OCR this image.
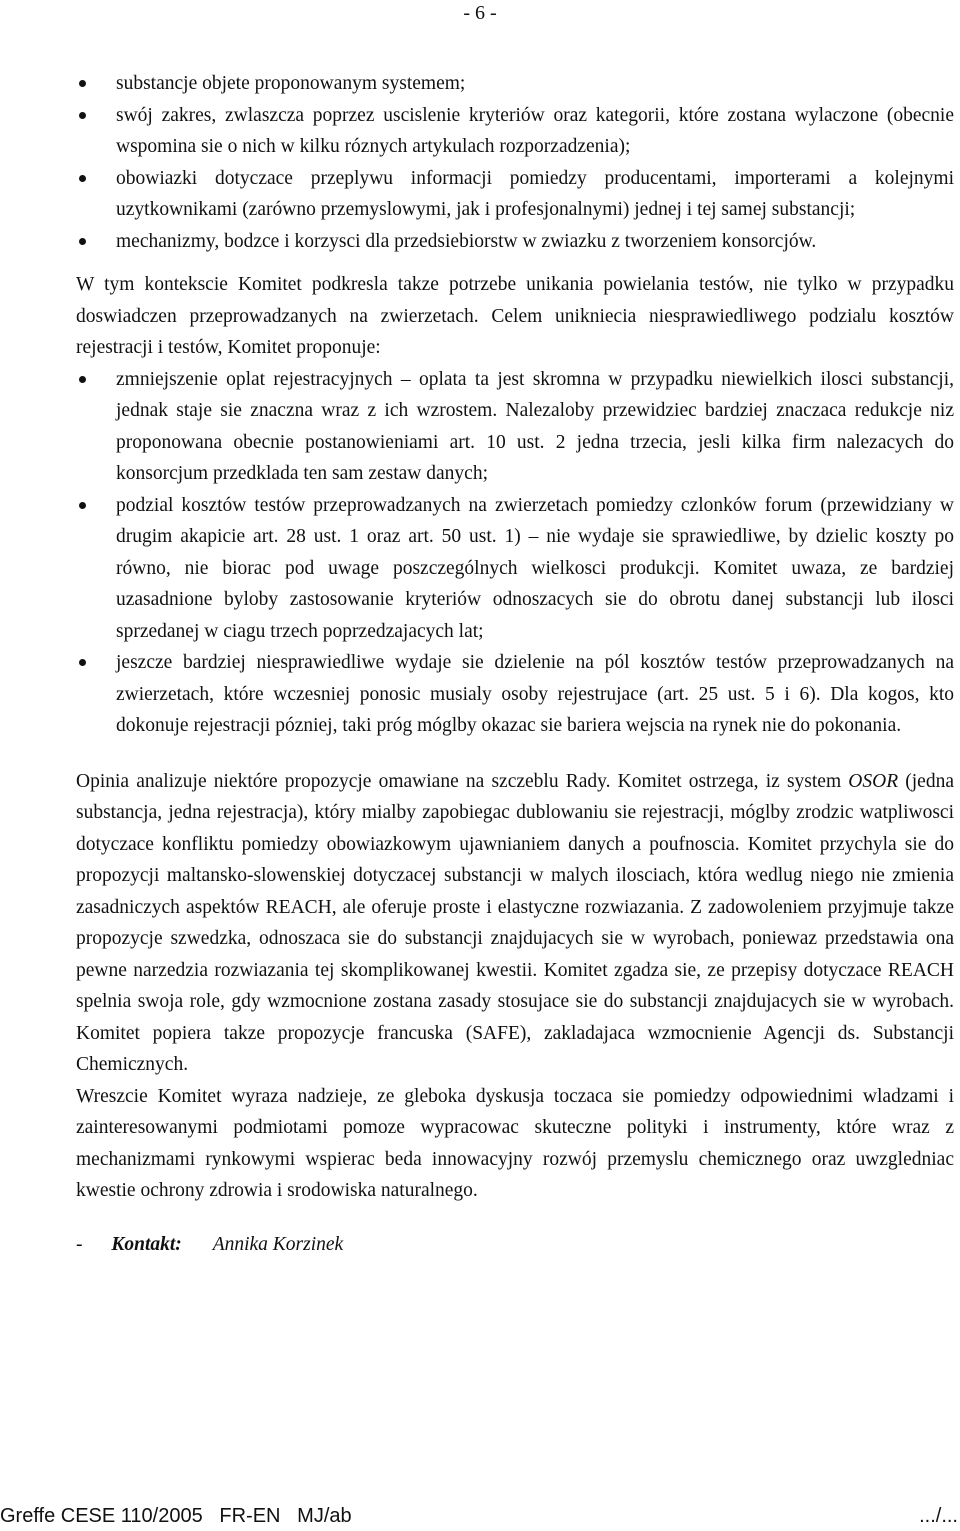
- 6 -
substancje objete proponowanym systemem;
swój zakres, zwlaszcza poprzez uscislenie kryteriów oraz kategorii, które zostana wylaczone (obecnie wspomina sie o nich w kilku róznych artykulach rozporzadzenia);
obowiazki dotyczace przeplywu informacji pomiedzy producentami, importerami a kolejnymi uzytkownikami (zarówno przemyslowymi, jak i profesjonalnymi) jednej i tej samej substancji;
mechanizmy, bodzce i korzysci dla przedsiebiorstw w zwiazku z tworzeniem konsorcjów.

W tym kontekscie Komitet podkresla takze potrzebe unikania powielania testów, nie tylko w przypadku doswiadczen przeprowadzanych na zwierzetach. Celem unikniecia niesprawiedliwego podzialu kosztów rejestracji i testów, Komitet proponuje:

zmniejszenie oplat rejestracyjnych – oplata ta jest skromna w przypadku niewielkich ilosci substancji, jednak staje sie znaczna wraz z ich wzrostem. Nalezaloby przewidziec bardziej znaczaca redukcje niz proponowana obecnie postanowieniami art. 10 ust. 2 jedna trzecia, jesli kilka firm nalezacych do konsorcjum przedklada ten sam zestaw danych;
podzial kosztów testów przeprowadzanych na zwierzetach pomiedzy czlonków forum (przewidziany w drugim akapicie art. 28 ust. 1 oraz art. 50 ust. 1) – nie wydaje sie sprawiedliwe, by dzielic koszty po równo, nie biorac pod uwage poszczególnych wielkosci produkcji. Komitet uwaza, ze bardziej uzasadnione byloby zastosowanie kryteriów odnoszacych sie do obrotu danej substancji lub ilosci sprzedanej w ciagu trzech poprzedzajacych lat;
jeszcze bardziej niesprawiedliwe wydaje sie dzielenie na pól kosztów testów przeprowadzanych na zwierzetach, które wczesniej ponosic musialy osoby rejestrujace (art. 25 ust. 5 i 6). Dla kogos, kto dokonuje rejestracji pózniej, taki próg móglby okazac sie bariera wejscia na rynek nie do pokonania.

Opinia analizuje niektóre propozycje omawiane na szczeblu Rady. Komitet ostrzega, iz system OSOR (jedna substancja, jedna rejestracja), który mialby zapobiegac dublowaniu sie rejestracji, móglby zrodzic watpliwosci dotyczace konfliktu pomiedzy obowiazkowym ujawnianiem danych a poufnoscia. Komitet przychyla sie do propozycji maltansko-slowenskiej dotyczacej substancji w malych ilosciach, która wedlug niego nie zmienia zasadniczych aspektów REACH, ale oferuje proste i elastyczne rozwiazania. Z zadowoleniem przyjmuje takze propozycje szwedzka, odnoszaca sie do substancji znajdujacych sie w wyrobach, poniewaz przedstawia ona pewne narzedzia rozwiazania tej skomplikowanej kwestii. Komitet zgadza sie, ze przepisy dotyczace REACH spelnia swoja role, gdy wzmocnione zostana zasady stosujace sie do substancji znajdujacych sie w wyrobach. Komitet popiera takze propozycje francuska (SAFE), zakladajaca wzmocnienie Agencji ds. Substancji Chemicznych.

Wreszcie Komitet wyraza nadzieje, ze gleboka dyskusja toczaca sie pomiedzy odpowiednimi wladzami i zainteresowanymi podmiotami pomoze wypracowac skuteczne polityki i instrumenty, które wraz z mechanizmami rynkowymi wspierac beda innowacyjny rozwój przemyslu chemicznego oraz uwzgledniac kwestie ochrony zdrowia i srodowiska naturalnego.

- Kontakt: Annika Korzinek

Greffe CESE 110/2005   FR-EN   MJ/ab	.../...
